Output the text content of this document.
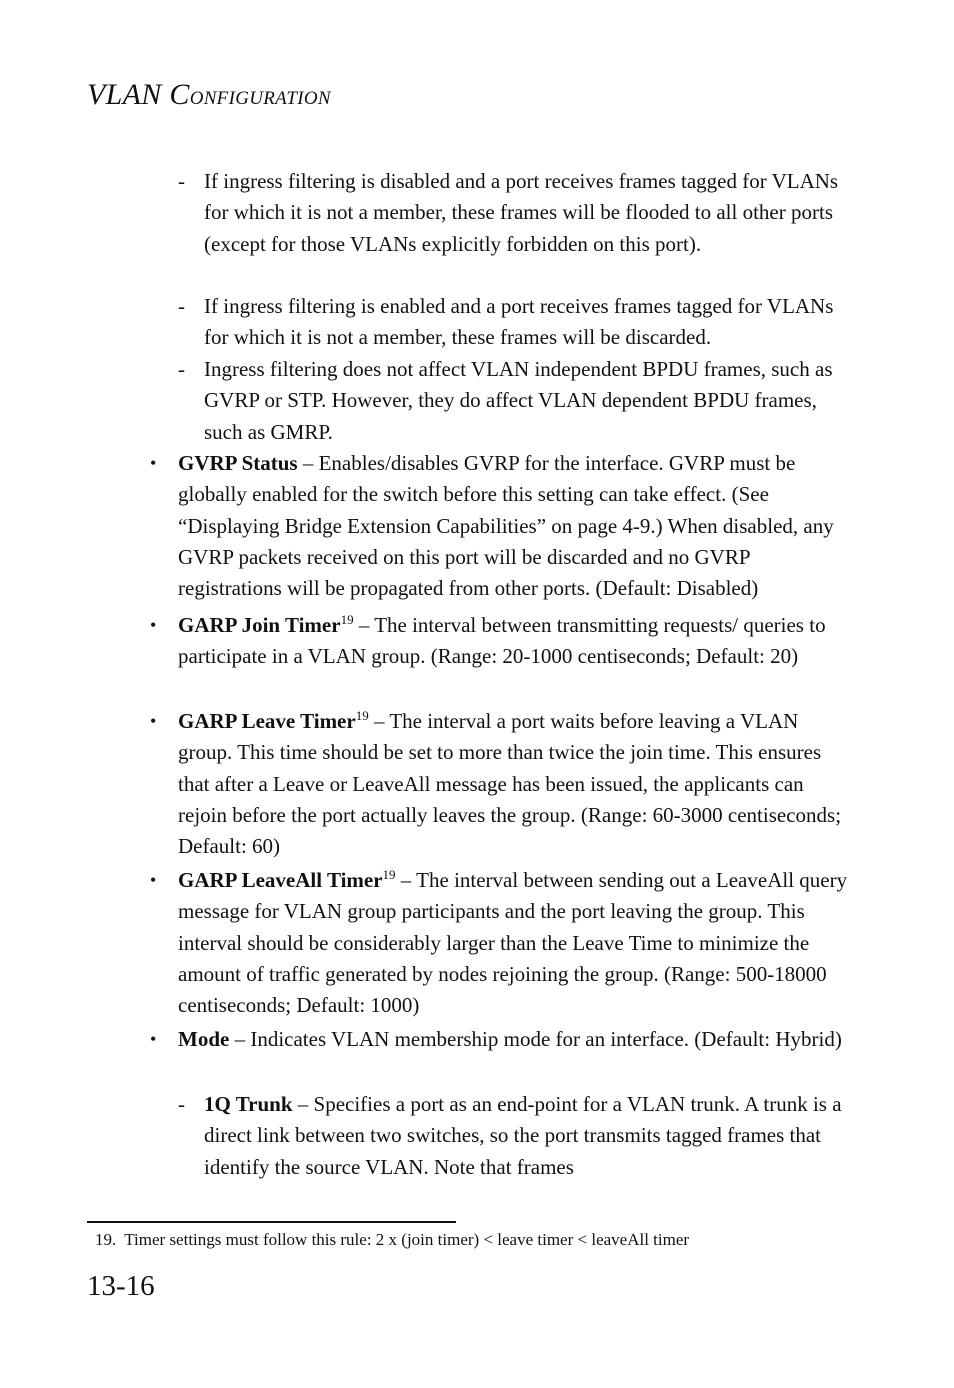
VLAN CONFIGURATION
- If ingress filtering is disabled and a port receives frames tagged for VLANs for which it is not a member, these frames will be flooded to all other ports (except for those VLANs explicitly forbidden on this port).
- If ingress filtering is enabled and a port receives frames tagged for VLANs for which it is not a member, these frames will be discarded.
- Ingress filtering does not affect VLAN independent BPDU frames, such as GVRP or STP. However, they do affect VLAN dependent BPDU frames, such as GMRP.
• GVRP Status – Enables/disables GVRP for the interface. GVRP must be globally enabled for the switch before this setting can take effect. (See “Displaying Bridge Extension Capabilities” on page 4-9.) When disabled, any GVRP packets received on this port will be discarded and no GVRP registrations will be propagated from other ports. (Default: Disabled)
• GARP Join Timer$^{19}$ – The interval between transmitting requests/ queries to participate in a VLAN group. (Range: 20-1000 centiseconds; Default: 20)
• GARP Leave Timer$^{19}$ – The interval a port waits before leaving a VLAN group. This time should be set to more than twice the join time. This ensures that after a Leave or LeaveAll message has been issued, the applicants can rejoin before the port actually leaves the group. (Range: 60-3000 centiseconds; Default: 60)
• GARP LeaveAll Timer$^{19}$ – The interval between sending out a LeaveAll query message for VLAN group participants and the port leaving the group. This interval should be considerably larger than the Leave Time to minimize the amount of traffic generated by nodes rejoining the group. (Range: 500-18000 centiseconds; Default: 1000)
• Mode – Indicates VLAN membership mode for an interface. (Default: Hybrid)
- 1Q Trunk – Specifies a port as an end-point for a VLAN trunk. A trunk is a direct link between two switches, so the port transmits tagged frames that identify the source VLAN. Note that frames
19. Timer settings must follow this rule: 2 x (join timer) < leave timer < leaveAll timer
13-16
